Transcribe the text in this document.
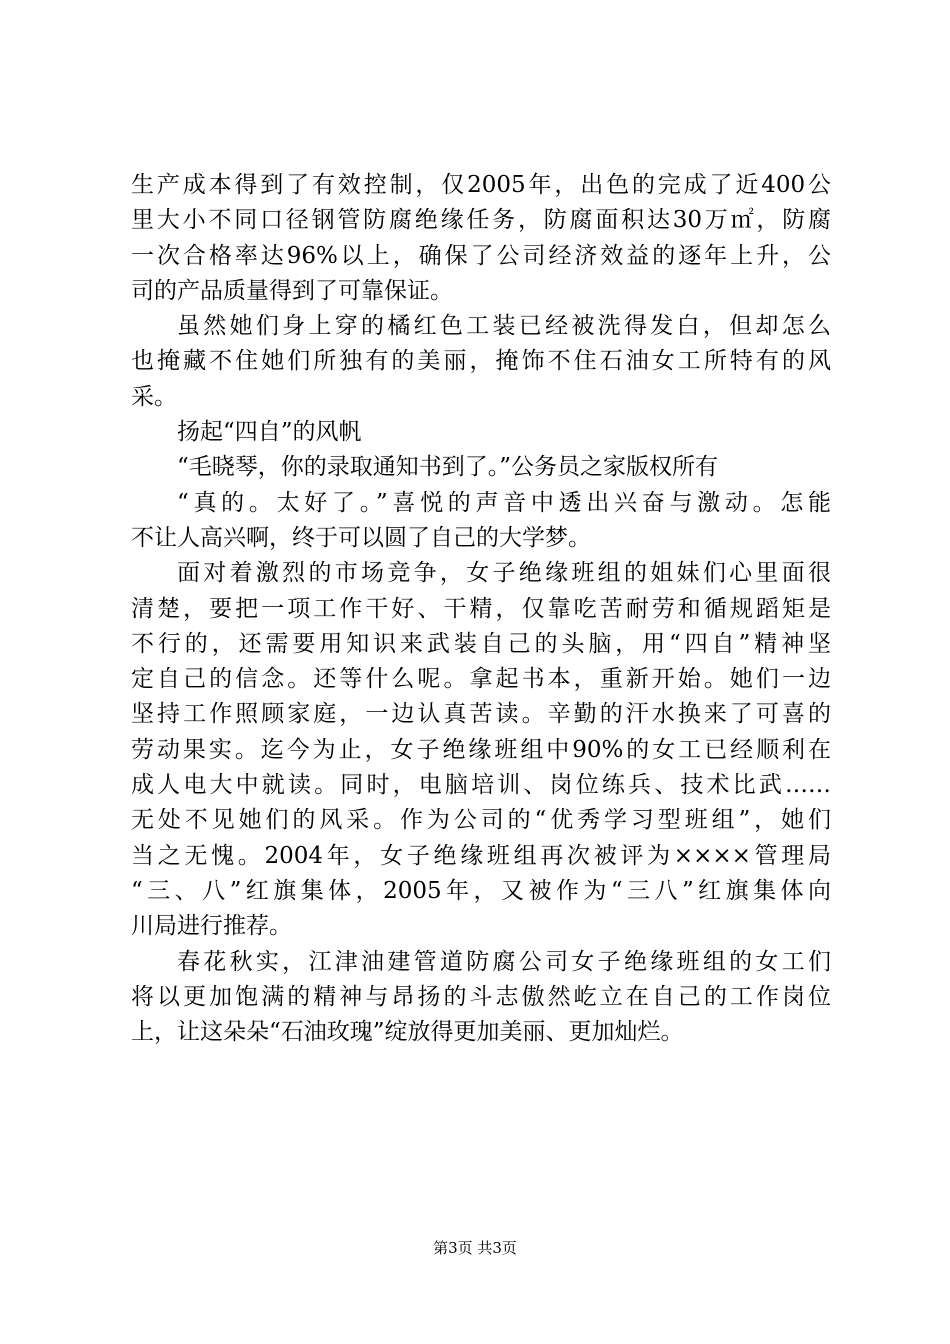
生产成本得到了有效控制，仅2005年，出色的完成了近400公
里大小不同口径钢管防腐绝缘任务，防腐面积达30万㎡，防腐
一次合格率达96%以上，确保了公司经济效益的逐年上升，公
司的产品质量得到了可靠保证。
虽然她们身上穿的橘红色工装已经被洗得发白，但却怎么
也掩藏不住她们所独有的美丽，掩饰不住石油女工所特有的风
采。
扬起“四自”的风帆
“毛晓琴，你的录取通知书到了。”公务员之家版权所有
“真的。太好了。”喜悦的声音中透出兴奋与激动。怎能
不让人高兴啊，终于可以圆了自己的大学梦。
面对着激烈的市场竞争，女子绝缘班组的姐妹们心里面很
清楚，要把一项工作干好、干精，仅靠吃苦耐劳和循规蹈矩是
不行的，还需要用知识来武装自己的头脑，用“四自”精神坚
定自己的信念。还等什么呢。拿起书本，重新开始。她们一边
坚持工作照顾家庭，一边认真苦读。辛勤的汗水换来了可喜的
劳动果实。迄今为止，女子绝缘班组中90%的女工已经顺利在
成人电大中就读。同时，电脑培训、岗位练兵、技术比武……
无处不见她们的风采。作为公司的“优秀学习型班组”，她们
当之无愧。2004年，女子绝缘班组再次被评为××××管理局
“三、八”红旗集体，2005年，又被作为“三八”红旗集体向
川局进行推荐。
春花秋实，江津油建管道防腐公司女子绝缘班组的女工们
将以更加饱满的精神与昂扬的斗志傲然屹立在自己的工作岗位
上，让这朵朵“石油玫瑰”绽放得更加美丽、更加灿烂。
第3页 共3页
